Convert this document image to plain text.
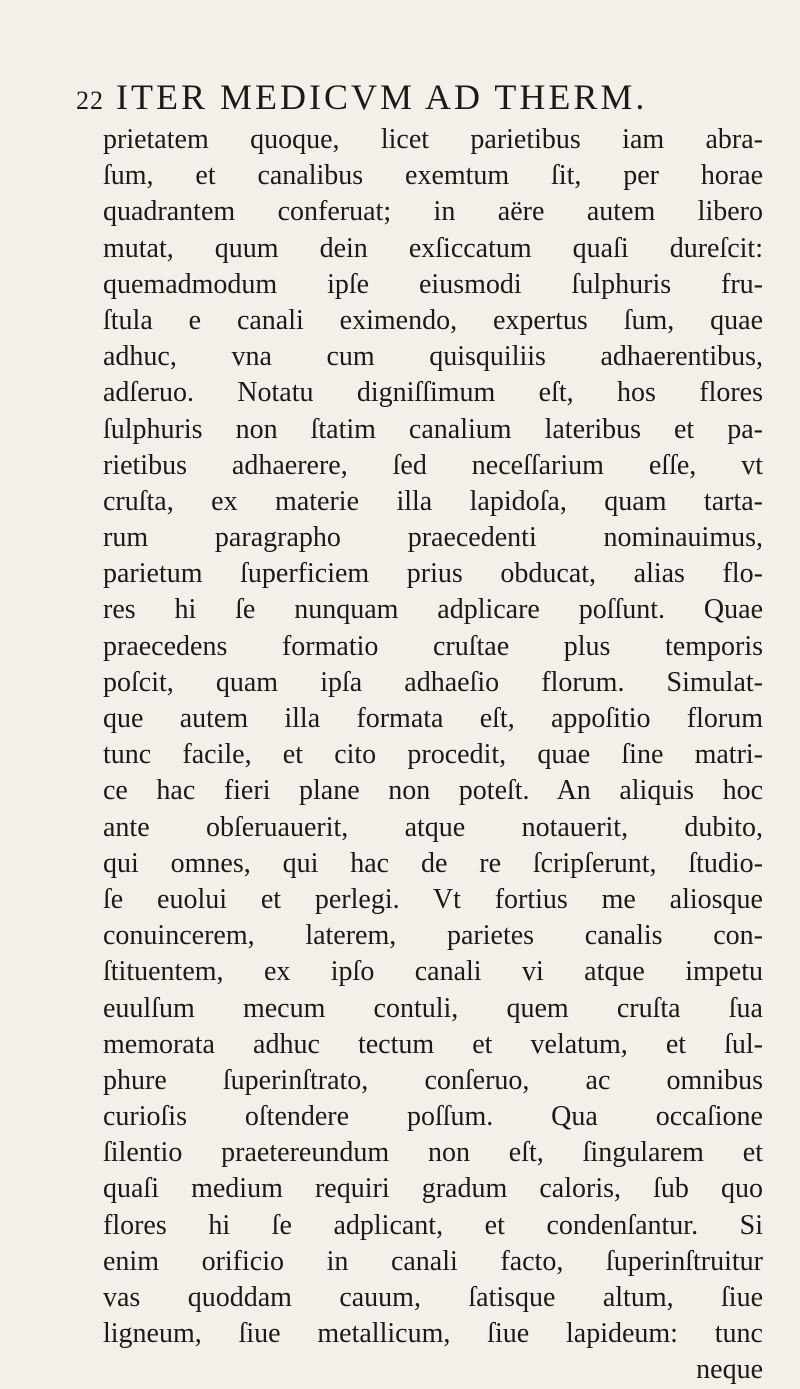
22 ITER MEDICVM AD THERM.
prietatem quoque, licet parietibus iam abra-
ſum, et canalibus exemtum ſit, per horae
quadrantem conferuat; in aëre autem libero
mutat, quum dein exſiccatum quaſi dureſcit:
quemadmodum ipſe eiusmodi ſulphuris fru-
ſtula e canali eximendo, expertus ſum, quae
adhuc, vna cum quisquiliis adhaerentibus,
adſeruo. Notatu digniſſimum eſt, hos flores
ſulphuris non ſtatim canalium lateribus et pa-
rietibus adhaerere, ſed neceſſarium eſſe, vt
cruſta, ex materie illa lapidoſa, quam tarta-
rum paragrapho praecedenti nominauimus,
parietum ſuperficiem prius obducat, alias flo-
res hi ſe nunquam adplicare poſſunt. Quae
praecedens formatio cruſtae plus temporis
poſcit, quam ipſa adhaeſio florum. Simulat-
que autem illa formata eſt, appoſitio florum
tunc facile, et cito procedit, quae ſine matri-
ce hac fieri plane non poteſt. An aliquis hoc
ante obſeruauerit, atque notauerit, dubito,
qui omnes, qui hac de re ſcripſerunt, ſtudio-
ſe euolui et perlegi. Vt fortius me aliosque
conuincerem, laterem, parietes canalis con-
ſtituentem, ex ipſo canali vi atque impetu
euulſum mecum contuli, quem cruſta ſua
memorata adhuc tectum et velatum, et ſul-
phure ſuperinſtrato, conſeruo, ac omnibus
curioſis oſtendere poſſum. Qua occaſione
ſilentio praetereundum non eſt, ſingularem et
quaſi medium requiri gradum caloris, ſub quo
flores hi ſe adplicant, et condenſantur. Si
enim orificio in canali facto, ſuperinſtruitur
vas quoddam cauum, ſatisque altum, ſiue
ligneum, ſiue metallicum, ſiue lapideum: tunc
neque
